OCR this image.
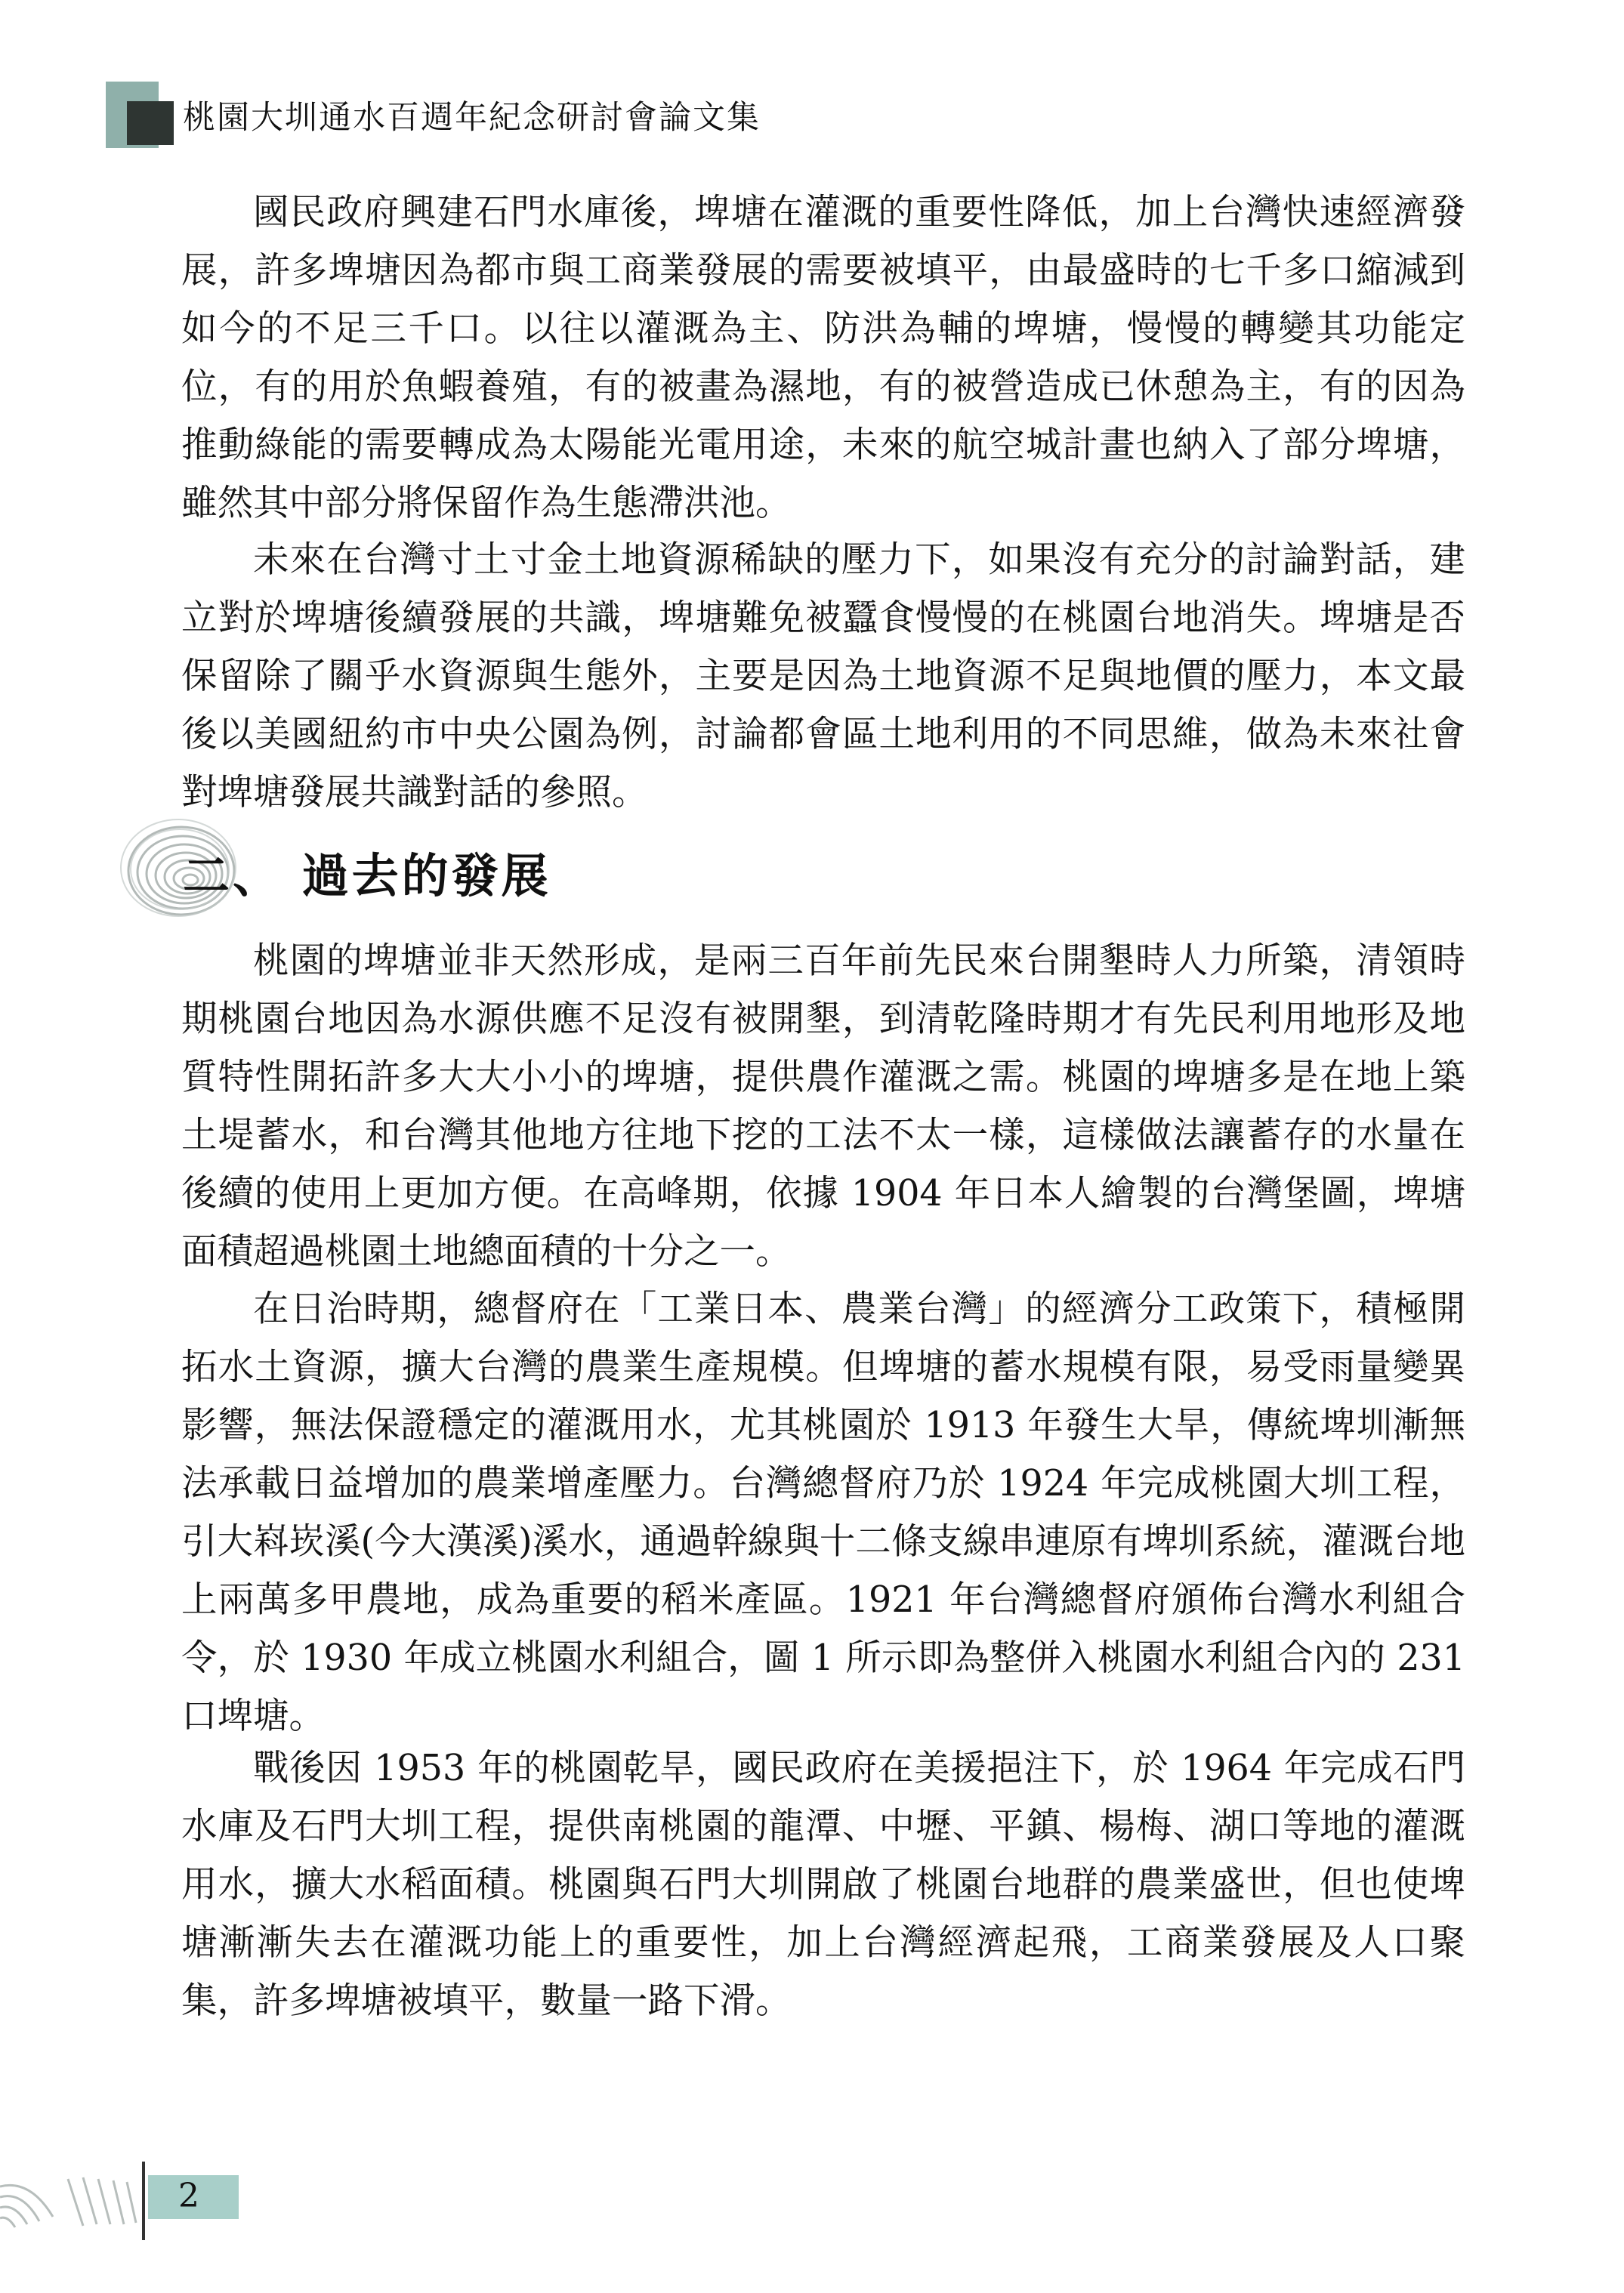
桃園大圳通水百週年紀念研討會論文集

國民政府興建石門水庫後，埤塘在灌溉的重要性降低，加上台灣快速經濟發展，許多埤塘因為都市與工商業發展的需要被填平，由最盛時的七千多口縮減到如今的不足三千口。以往以灌溉為主、防洪為輔的埤塘，慢慢的轉變其功能定位，有的用於魚蝦養殖，有的被畫為濕地，有的被營造成已休憩為主，有的因為推動綠能的需要轉成為太陽能光電用途，未來的航空城計畫也納入了部分埤塘，雖然其中部分將保留作為生態滯洪池。

未來在台灣寸土寸金土地資源稀缺的壓力下，如果沒有充分的討論對話，建立對於埤塘後續發展的共識，埤塘難免被蠶食慢慢的在桃園台地消失。埤塘是否保留除了關乎水資源與生態外，主要是因為土地資源不足與地價的壓力，本文最後以美國紐約市中央公園為例，討論都會區土地利用的不同思維，做為未來社會對埤塘發展共識對話的參照。

二、 過去的發展

桃園的埤塘並非天然形成，是兩三百年前先民來台開墾時人力所築，清領時期桃園台地因為水源供應不足沒有被開墾，到清乾隆時期才有先民利用地形及地質特性開拓許多大大小小的埤塘，提供農作灌溉之需。桃園的埤塘多是在地上築土堤蓄水，和台灣其他地方往地下挖的工法不太一樣，這樣做法讓蓄存的水量在後續的使用上更加方便。在高峰期，依據 1904 年日本人繪製的台灣堡圖，埤塘面積超過桃園土地總面積的十分之一。

在日治時期，總督府在「工業日本、農業台灣」的經濟分工政策下，積極開拓水土資源，擴大台灣的農業生產規模。但埤塘的蓄水規模有限，易受雨量變異影響，無法保證穩定的灌溉用水，尤其桃園於 1913 年發生大旱，傳統埤圳漸無法承載日益增加的農業增產壓力。台灣總督府乃於 1924 年完成桃園大圳工程，引大嵙崁溪(今大漢溪)溪水，通過幹線與十二條支線串連原有埤圳系統，灌溉台地上兩萬多甲農地，成為重要的稻米產區。1921 年台灣總督府頒佈台灣水利組合令，於 1930 年成立桃園水利組合，圖 1 所示即為整併入桃園水利組合內的 231 口埤塘。

戰後因 1953 年的桃園乾旱，國民政府在美援挹注下，於 1964 年完成石門水庫及石門大圳工程，提供南桃園的龍潭、中壢、平鎮、楊梅、湖口等地的灌溉用水，擴大水稻面積。桃園與石門大圳開啟了桃園台地群的農業盛世，但也使埤塘漸漸失去在灌溉功能上的重要性，加上台灣經濟起飛，工商業發展及人口聚集，許多埤塘被填平，數量一路下滑。

2
